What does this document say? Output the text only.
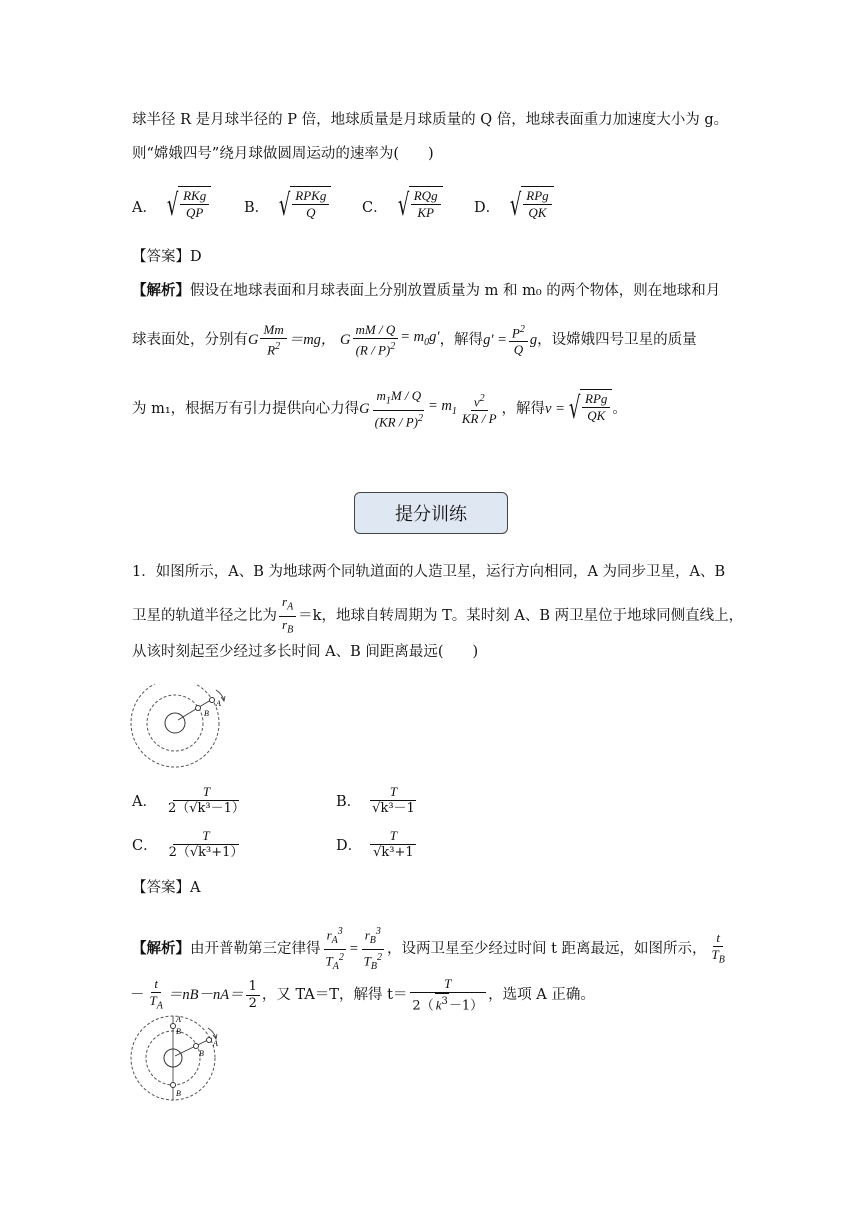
球半径 R 是月球半径的 P 倍，地球质量是月球质量的 Q 倍，地球表面重力加速度大小为 g。
则“嫦娥四号”绕月球做圆周运动的速率为(　　)
A． √ $\frac{\text{RKg}}{QP}$ B． √ $\frac{\text{RPKg}}{Q}$ C． √ $\frac{\text{RQg}}{KP}$ D． √ $\frac{\text{RPg}}{QK}$
【答案】D
【解析】假设在地球表面和月球表面上分别放置质量为 m 和 m₀ 的两个物体，则在地球和月
球表面处，分别有 G $\frac{Mm}{R^2} =mg$，
G $\frac{mM / Q}{(R / P)^2} = m_0g'$ ，解得 $g' = \frac{P^2}{Q}$ g ，设嫦娥四号卫星的质量
为 m₁，根据万有引力提供向心力得 G $\frac{m_1M / Q}{(KR / P)^2} = m_1 \frac{v^2}{KR / P}$ ，解得 v = √ $\frac{\text{RPg}}{QK}$ 。
提分训练
1．如图所示，A、B 为地球两个同轨道面的人造卫星，运行方向相同，A 为同步卫星，A、B
卫星的轨道半径之比为 $\frac{r_A}{r_B} =k$，地球自转周期为 T。某时刻 A、B 两卫星位于地球同侧直线上，
从该时刻起至少经过多长时间 A、B 间距离最远(　　)
A
B
A． $\frac{T}{\text{2（√k³－1）}}$	B． $\frac{T}{\text{√k³－1}}$
C． $\frac{T}{\text{2（√k³+1）}}$	D． $\frac{T}{\text{√k³+1}}$
【答案】A
【解析】 由开普勒第三定律得 $\frac{r_A^3}{T_A^2} = \frac{r_B^3}{T_B^2}$ ，设两卫星至少经过时间 t 距离最远，如图所示， $\frac{t}{T_B}$
－ $\frac{t}{T_A} =nB-nA= \frac{1}{2}$ ，又 TA＝T，解得 $t= \frac{T}{2( k^3-1)}$ ，选项 A 正确。
A
B
A
B
B
